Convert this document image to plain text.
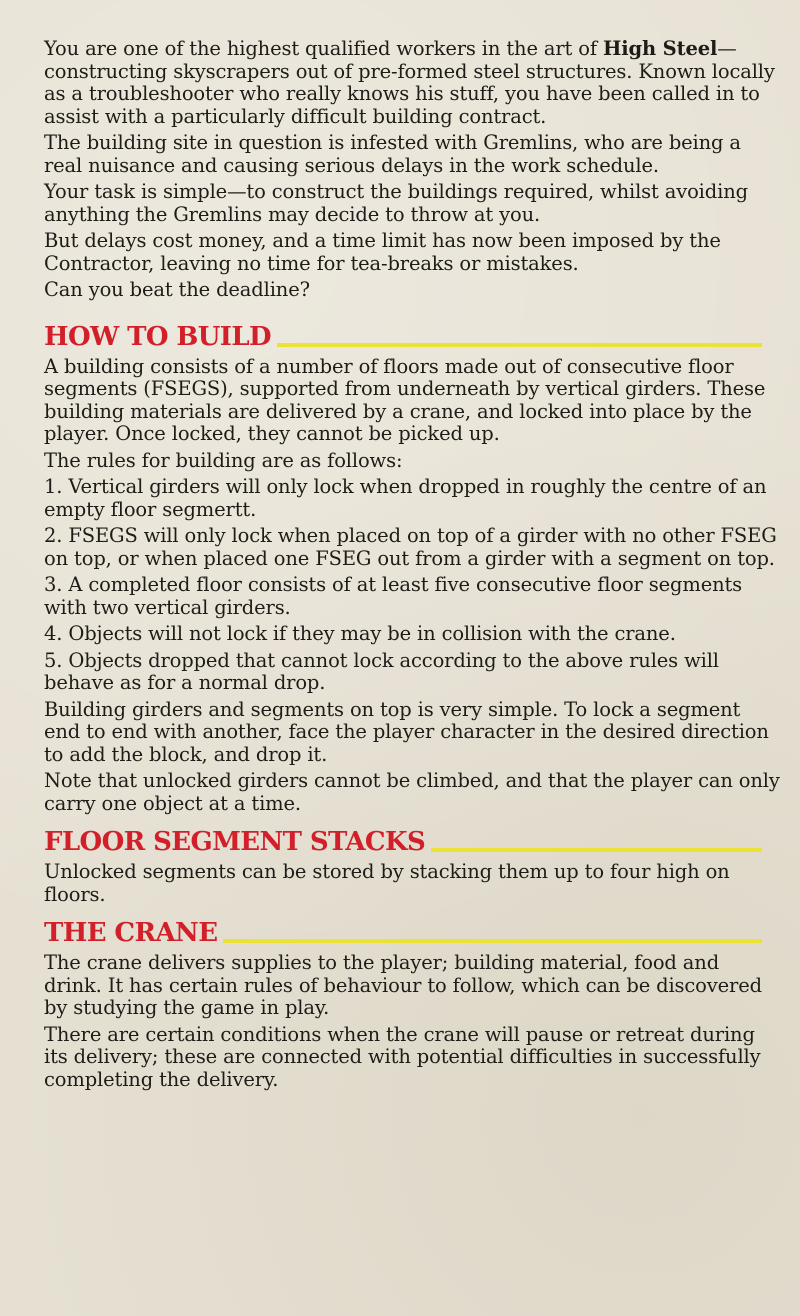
You are one of the highest qualified workers in the art of High Steel—constructing skyscrapers out of pre-formed steel structures. Known locally as a troubleshooter who really knows his stuff, you have been called in to assist with a particularly difficult building contract.

The building site in question is infested with Gremlins, who are being a real nuisance and causing serious delays in the work schedule.

Your task is simple—to construct the buildings required, whilst avoiding anything the Gremlins may decide to throw at you.

But delays cost money, and a time limit has now been imposed by the Contractor, leaving no time for tea-breaks or mistakes.

Can you beat the deadline?

HOW TO BUILD

A building consists of a number of floors made out of consecutive floor segments (FSEGS), supported from underneath by vertical girders. These building materials are delivered by a crane, and locked into place by the player. Once locked, they cannot be picked up.

The rules for building are as follows:

1. Vertical girders will only lock when dropped in roughly the centre of an empty floor segmertt.

2. FSEGS will only lock when placed on top of a girder with no other FSEG on top, or when placed one FSEG out from a girder with a segment on top.

3. A completed floor consists of at least five consecutive floor segments with two vertical girders.

4. Objects will not lock if they may be in collision with the crane.

5. Objects dropped that cannot lock according to the above rules will behave as for a normal drop.

Building girders and segments on top is very simple. To lock a segment end to end with another, face the player character in the desired direction to add the block, and drop it.

Note that unlocked girders cannot be climbed, and that the player can only carry one object at a time.

FLOOR SEGMENT STACKS

Unlocked segments can be stored by stacking them up to four high on floors.

THE CRANE

The crane delivers supplies to the player; building material, food and drink. It has certain rules of behaviour to follow, which can be discovered by studying the game in play.

There are certain conditions when the crane will pause or retreat during its delivery; these are connected with potential difficulties in successfully completing the delivery.
